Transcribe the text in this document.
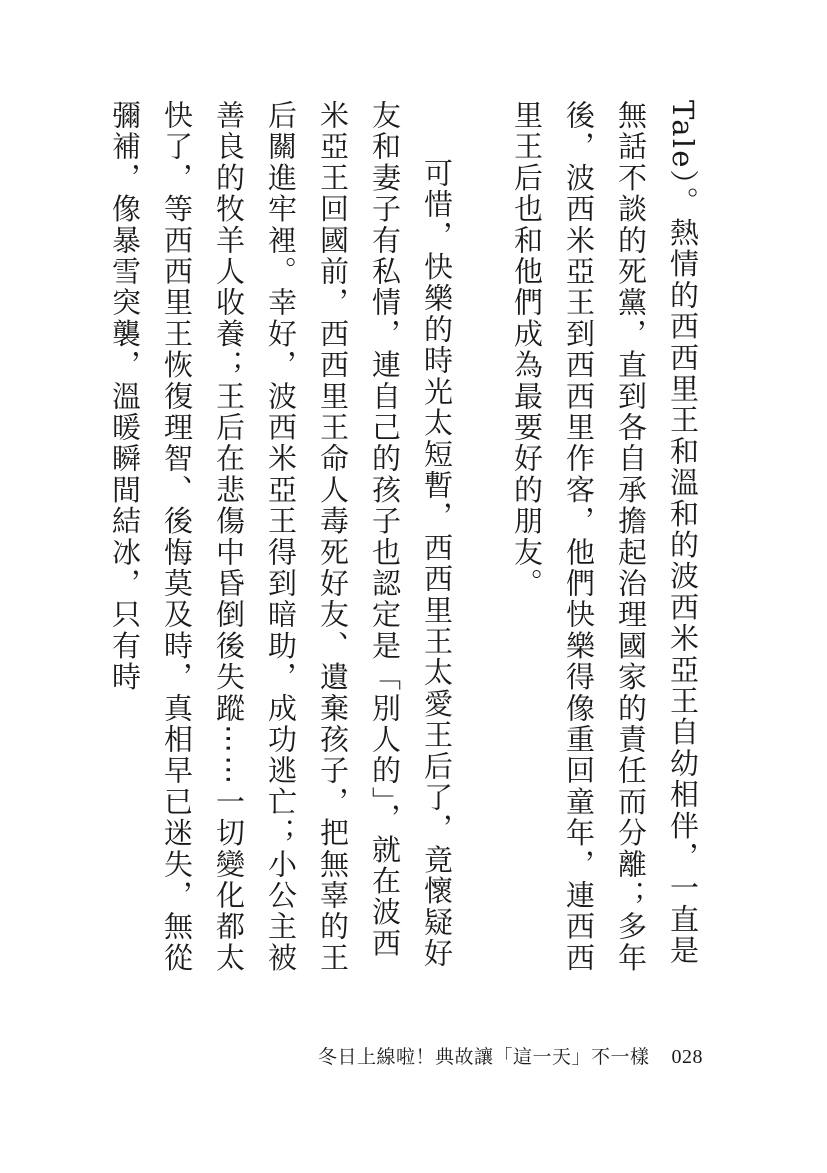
Tale）。熱情的西西里王和溫和的波西米亞王自幼相伴，一直是無話不談的死黨，直到各自承擔起治理國家的責任而分離；多年後，波西米亞王到西西里作客，他們快樂得像重回童年，連西西里王后也和他們成為最要好的朋友。

可惜，快樂的時光太短暫，西西里王太愛王后了，竟懷疑好友和妻子有私情，連自己的孩子也認定是「別人的」，就在波西米亞王回國前，西西里王命人毒死好友、遺棄孩子，把無辜的王后關進牢裡。幸好，波西米亞王得到暗助，成功逃亡；小公主被善良的牧羊人收養；王后在悲傷中昏倒後失蹤⋯⋯一切變化都太快了，等西西里王恢復理智、後悔莫及時，真相早已迷失，無從彌補，像暴雪突襲，溫暖瞬間結冰，只有時

冬日上線啦！典故讓「這一天」不一樣 028
